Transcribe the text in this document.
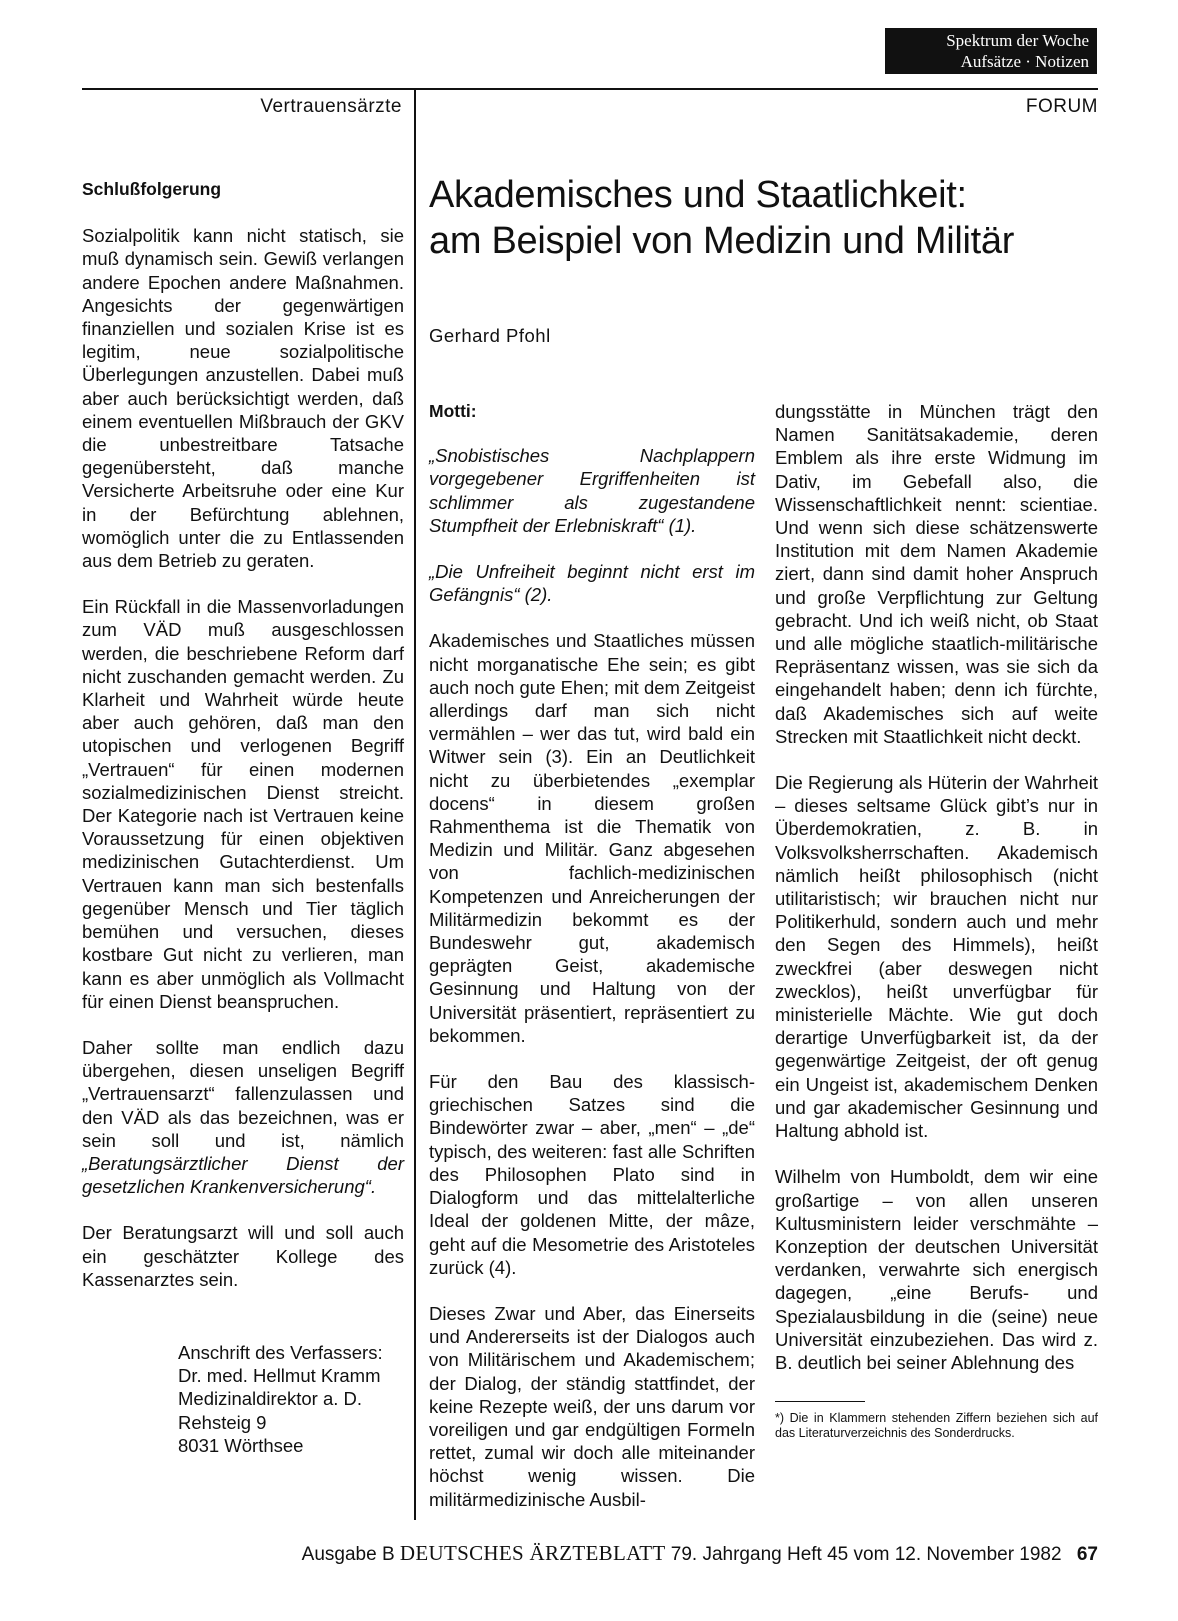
Spektrum der Woche
Aufsätze · Notizen
Vertrauensärzte	FORUM

Schlußfolgerung

Sozialpolitik kann nicht statisch, sie muß dynamisch sein. Gewiß verlangen andere Epochen andere Maßnahmen. Angesichts der gegenwärtigen finanziellen und sozialen Krise ist es legitim, neue sozialpolitische Überlegungen anzustellen. Dabei muß aber auch berücksichtigt werden, daß einem eventuellen Mißbrauch der GKV die unbestreitbare Tatsache gegenübersteht, daß manche Versicherte Arbeitsruhe oder eine Kur in der Befürchtung ablehnen, womöglich unter die zu Entlassenden aus dem Betrieb zu geraten.

Ein Rückfall in die Massenvorladungen zum VÄD muß ausgeschlossen werden, die beschriebene Reform darf nicht zuschanden gemacht werden. Zu Klarheit und Wahrheit würde heute aber auch gehören, daß man den utopischen und verlogenen Begriff „Vertrauen“ für einen modernen sozialmedizinischen Dienst streicht. Der Kategorie nach ist Vertrauen keine Voraussetzung für einen objektiven medizinischen Gutachterdienst. Um Vertrauen kann man sich bestenfalls gegenüber Mensch und Tier täglich bemühen und versuchen, dieses kostbare Gut nicht zu verlieren, man kann es aber unmöglich als Vollmacht für einen Dienst beanspruchen.

Daher sollte man endlich dazu übergehen, diesen unseligen Begriff „Vertrauensarzt“ fallenzulassen und den VÄD als das bezeichnen, was er sein soll und ist, nämlich „Beratungsärztlicher Dienst der gesetzlichen Krankenversicherung“.

Der Beratungsarzt will und soll auch ein geschätzter Kollege des Kassenarztes sein.

Anschrift des Verfassers:
Dr. med. Hellmut Kramm
Medizinaldirektor a. D.
Rehsteig 9
8031 Wörthsee

Akademisches und Staatlichkeit:
am Beispiel von Medizin und Militär
Gerhard Pfohl

Motti:

„Snobistisches Nachplappern vorgegebener Ergriffenheiten ist schlimmer als zugestandene Stumpfheit der Erlebniskraft“ (1).

„Die Unfreiheit beginnt nicht erst im Gefängnis“ (2).

Akademisches und Staatliches müssen nicht morganatische Ehe sein; es gibt auch noch gute Ehen; mit dem Zeitgeist allerdings darf man sich nicht vermählen – wer das tut, wird bald ein Witwer sein (3). Ein an Deutlichkeit nicht zu überbietendes „exemplar docens“ in diesem großen Rahmenthema ist die Thematik von Medizin und Militär. Ganz abgesehen von fachlich-medizinischen Kompetenzen und Anreicherungen der Militärmedizin bekommt es der Bundeswehr gut, akademisch geprägten Geist, akademische Gesinnung und Haltung von der Universität präsentiert, repräsentiert zu bekommen.

Für den Bau des klassisch-griechischen Satzes sind die Bindewörter zwar – aber, „men“ – „de“ typisch, des weiteren: fast alle Schriften des Philosophen Plato sind in Dialogform und das mittelalterliche Ideal der goldenen Mitte, der mâze, geht auf die Mesometrie des Aristoteles zurück (4).

Dieses Zwar und Aber, das Einerseits und Andererseits ist der Dialogos auch von Militärischem und Akademischem; der Dialog, der ständig stattfindet, der keine Rezepte weiß, der uns darum vor voreiligen und gar endgültigen Formeln rettet, zumal wir doch alle miteinander höchst wenig wissen. Die militärmedizinische Ausbil-

dungsstätte in München trägt den Namen Sanitätsakademie, deren Emblem als ihre erste Widmung im Dativ, im Gebefall also, die Wissenschaftlichkeit nennt: scientiae. Und wenn sich diese schätzenswerte Institution mit dem Namen Akademie ziert, dann sind damit hoher Anspruch und große Verpflichtung zur Geltung gebracht. Und ich weiß nicht, ob Staat und alle mögliche staatlich-militärische Repräsentanz wissen, was sie sich da eingehandelt haben; denn ich fürchte, daß Akademisches sich auf weite Strecken mit Staatlichkeit nicht deckt.

Die Regierung als Hüterin der Wahrheit – dieses seltsame Glück gibt’s nur in Überdemokratien, z. B. in Volksvolksherrschaften. Akademisch nämlich heißt philosophisch (nicht utilitaristisch; wir brauchen nicht nur Politikerhuld, sondern auch und mehr den Segen des Himmels), heißt zweckfrei (aber deswegen nicht zwecklos), heißt unverfügbar für ministerielle Mächte. Wie gut doch derartige Unverfügbarkeit ist, da der gegenwärtige Zeitgeist, der oft genug ein Ungeist ist, akademischem Denken und gar akademischer Gesinnung und Haltung abhold ist.

Wilhelm von Humboldt, dem wir eine großartige – von allen unseren Kultusministern leider verschmähte – Konzeption der deutschen Universität verdanken, verwahrte sich energisch dagegen, „eine Berufs- und Spezialausbildung in die (seine) neue Universität einzubeziehen. Das wird z. B. deutlich bei seiner Ablehnung des

*) Die in Klammern stehenden Ziffern beziehen sich auf das Literaturverzeichnis des Sonderdrucks.
Ausgabe B DEUTSCHES ÄRZTEBLATT 79. Jahrgang Heft 45 vom 12. November 1982 67
